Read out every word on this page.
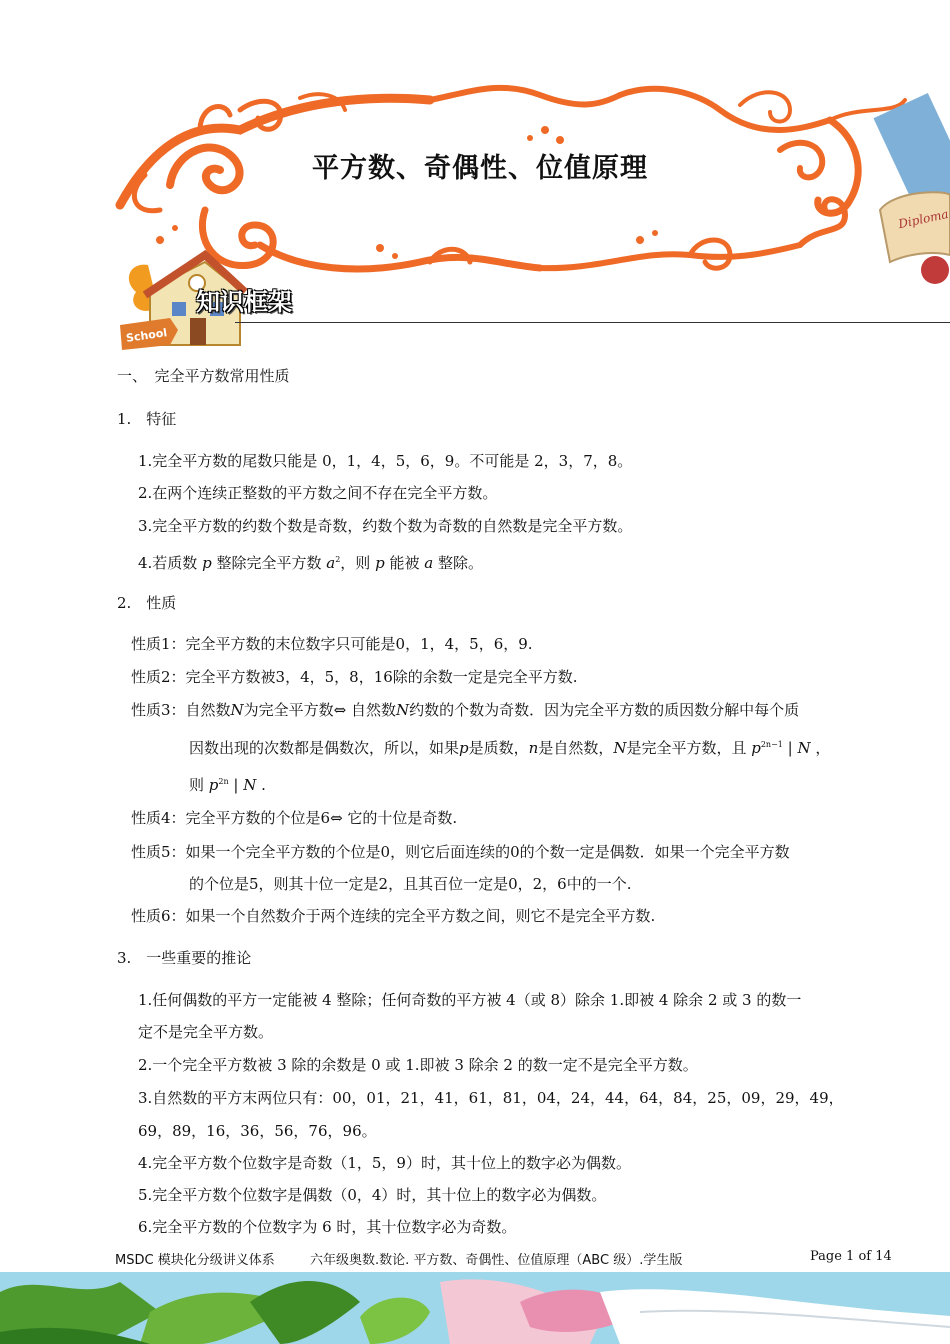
平方数、奇偶性、位值原理
知识框架
School
Diploma
一、　完全平方数常用性质
1.　特征
1.完全平方数的尾数只能是 0，1，4，5，6，9。不可能是 2，3，7，8。
2.在两个连续正整数的平方数之间不存在完全平方数。
3.完全平方数的约数个数是奇数，约数个数为奇数的自然数是完全平方数。
4.若质数 p 整除完全平方数 $a^2$，则 p 能被 a 整除。
2.　性质
性质1：完全平方数的末位数字只可能是0，1，4，5，6，9.
性质2：完全平方数被3，4，5，8，16除的余数一定是完全平方数.
性质3：自然数N为完全平方数⇔ 自然数N约数的个数为奇数．因为完全平方数的质因数分解中每个质
因数出现的次数都是偶数次，所以，如果p是质数，n是自然数，N是完全平方数，且 $p^{2n-1}$ | N ，
则 $p^{2n}$ | N .
性质4：完全平方数的个位是6⇔ 它的十位是奇数.
性质5：如果一个完全平方数的个位是0，则它后面连续的0的个数一定是偶数．如果一个完全平方数
的个位是5，则其十位一定是2，且其百位一定是0，2，6中的一个.
性质6：如果一个自然数介于两个连续的完全平方数之间，则它不是完全平方数.
3.　一些重要的推论
1.任何偶数的平方一定能被 4 整除；任何奇数的平方被 4（或 8）除余 1.即被 4 除余 2 或 3 的数一
定不是完全平方数。
2.一个完全平方数被 3 除的余数是 0 或 1.即被 3 除余 2 的数一定不是完全平方数。
3.自然数的平方末两位只有：00，01，21，41，61，81，04，24，44，64，84，25，09，29，49，
69，89，16，36，56，76，96。
4.完全平方数个位数字是奇数（1，5，9）时，其十位上的数字必为偶数。
5.完全平方数个位数字是偶数（0，4）时，其十位上的数字必为偶数。
6.完全平方数的个位数字为 6 时，其十位数字必为奇数。
MSDC 模块化分级讲义体系	六年级奥数.数论. 平方数、奇偶性、位值原理（ABC 级）.学生版	Page 1 of 14
